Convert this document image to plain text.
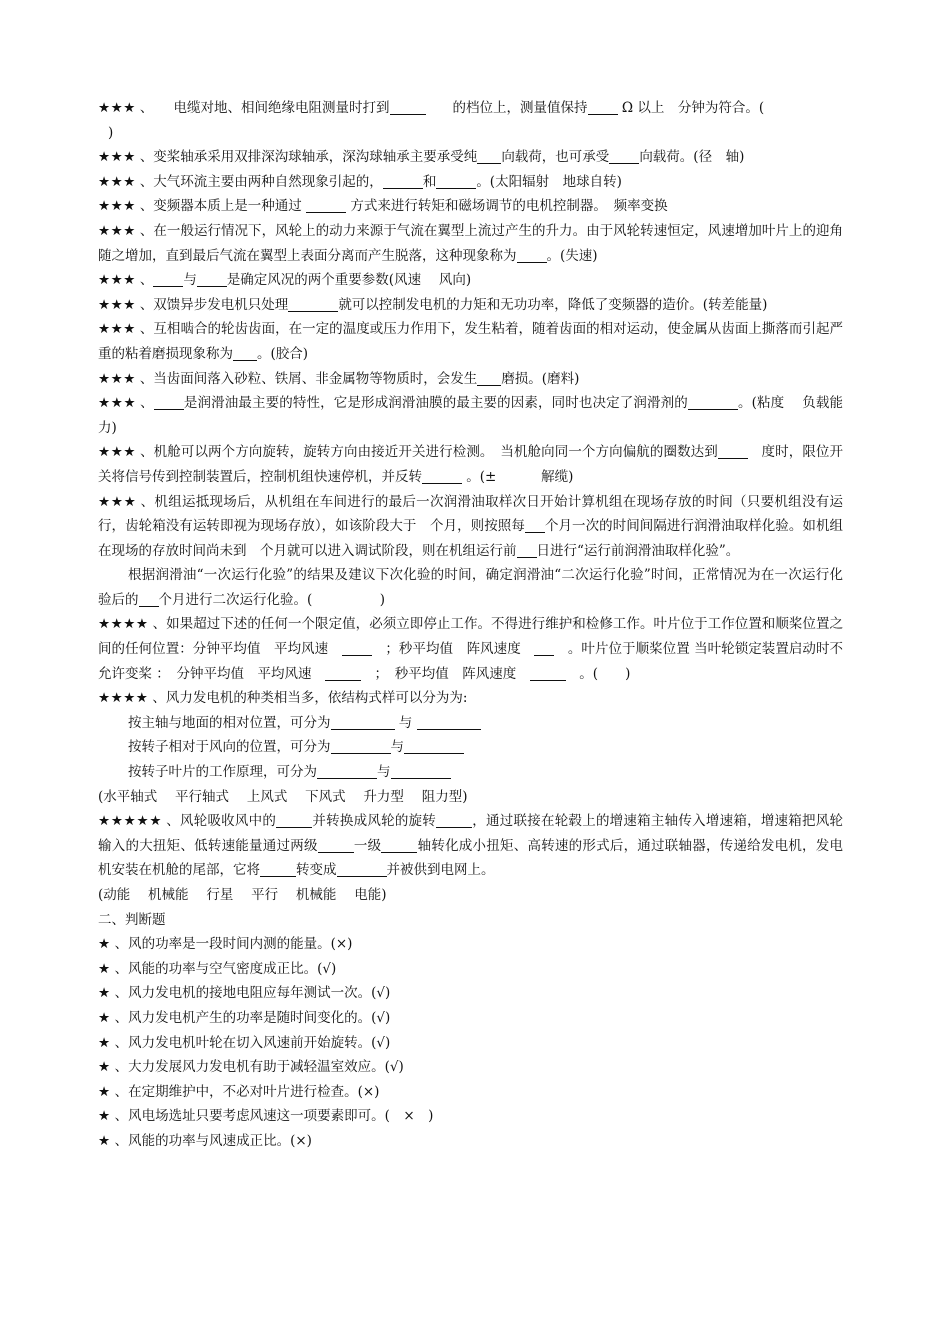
★★★ 、　　电缆对地、相间绝缘电阻测量时打到	　　的档位上，测量值保持 Ω 以上　分钟为符合。(
)

★★★ 、变桨轴承采用双排深沟球轴承，深沟球轴承主要承受纯 向载荷，也可承受 向载荷。(径　轴)

★★★ 、大气环流主要由两种自然现象引起的，	和	。(太阳辐射　地球自转)

★★★ 、变频器本质上是一种通过	方式来进行转矩和磁场调节的电机控制器。　频率变换

★★★ 、在一般运行情况下，风轮上的动力来源于气流在翼型上流过产生的升力。由于风轮转速恒定，风速增加叶片上的迎角随之增加，直到最后气流在翼型上表面分离而产生脱落，这种现象称为 。(失速)

★★★ 、 与 是确定风况的两个重要参数(风速　 风向)

★★★ 、双馈异步发电机只处理	就可以控制发电机的力矩和无功功率，降低了变频器的造价。(转差能量)

★★★ 、互相啮合的轮齿齿面，在一定的温度或压力作用下，发生粘着，随着齿面的相对运动，使金属从齿面上撕落而引起严重的粘着磨损现象称为 。(胶合)

★★★ 、当齿面间落入砂粒、铁屑、非金属物等物质时，会发生 磨损。(磨料)

★★★ 、 是润滑油最主要的特性，它是形成润滑油膜的最主要的因素，同时也决定了润滑剂的	。(粘度　 负载能力)

★★★ 、机舱可以两个方向旋转，旋转方向由接近开关进行检测。　当机舱向同一个方向偏航的圈数达到　度时，限位开关将信号传到控制装置后，控制机组快速停机，并反转	。(±　　　 解缆)

★★★ 、机组运抵现场后，从机组在车间进行的最后一次润滑油取样次日开始计算机组在现场存放的时间（只要机组没有运行，齿轮箱没有运转即视为现场存放），如该阶段大于　个月，则按照每 个月一次的时间间隔进行润滑油取样化验。如机组在现场的存放时间尚未到　个月就可以进入调试阶段，则在机组运行前 日进行“运行前润滑油取样化验”。

根据润滑油“一次运行化验”的结果及建议下次化验的时间，确定润滑油“二次运行化验”时间，正常情况为在一次运行化验后的 个月进行二次运行化验。(　　　　　)

★★★★ 、如果超过下述的任何一个限定值，必须立即停止工作。不得进行维护和检修工作。叶片位于工作位置和顺桨位置之间的任何位置：分钟平均值　平均风速　　；秒平均值　阵风速度　　。叶片位于顺桨位置 当叶轮锁定装置启动时不允许变桨 ：　分钟平均值　平均风速　	　；　秒平均值　阵风速度　	　。(　　)

★★★★ 、风力发电机的种类相当多，依结构式样可以分为为:

按主轴与地面的相对位置，可分为	与

按转子相对于风向的位置，可分为	与

按转子叶片的工作原理，可分为	与

(水平轴式　 平行轴式　 上风式　 下风式　 升力型　 阻力型)

★★★★★ 、风轮吸收风中的	并转换成风轮的旋转	，通过联接在轮毂上的增速箱主轴传入增速箱，增速箱把风轮输入的大扭矩、低转速能量通过两级	一级	轴转化成小扭矩、高转速的形式后，通过联轴器，传递给发电机，发电机安装在机舱的尾部，它将	转变成	并被供到电网上。

(动能　 机械能　 行星　 平行　 机械能　 电能)

二、判断题

★ 、风的功率是一段时间内测的能量。(×)

★ 、风能的功率与空气密度成正比。(√)

★ 、风力发电机的接地电阻应每年测试一次。(√)

★ 、风力发电机产生的功率是随时间变化的。(√)

★ 、风力发电机叶轮在切入风速前开始旋转。(√)

★ 、大力发展风力发电机有助于减轻温室效应。(√)

★ 、在定期维护中，不必对叶片进行检查。(×)

★ 、风电场选址只要考虑风速这一项要素即可。(　×　)

★ 、风能的功率与风速成正比。(×)
